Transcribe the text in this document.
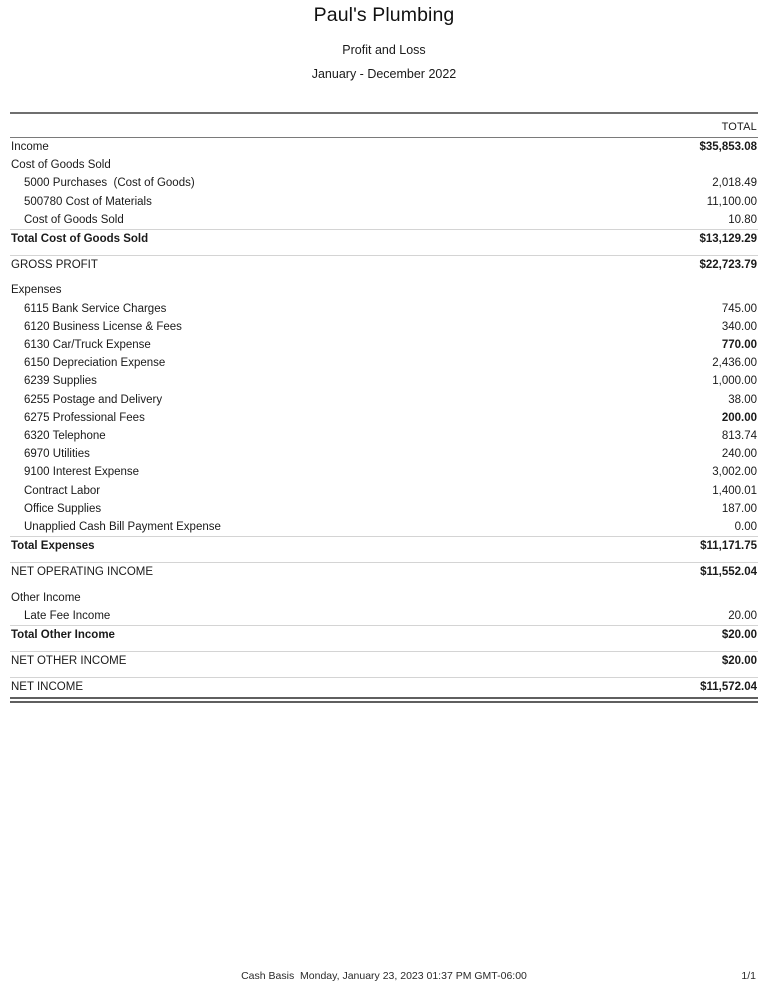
Paul's Plumbing
Profit and Loss
January - December 2022

	TOTAL
Income	$35,853.08
Cost of Goods Sold	
5000 Purchases  (Cost of Goods)	2,018.49
500780 Cost of Materials	11,100.00
Cost of Goods Sold	10.80
Total Cost of Goods Sold	$13,129.29

GROSS PROFIT	$22,723.79

Expenses	
6115 Bank Service Charges	745.00
6120 Business License & Fees	340.00
6130 Car/Truck Expense	770.00
6150 Depreciation Expense	2,436.00
6239 Supplies	1,000.00
6255 Postage and Delivery	38.00
6275 Professional Fees	200.00
6320 Telephone	813.74
6970 Utilities	240.00
9100 Interest Expense	3,002.00
Contract Labor	1,400.01
Office Supplies	187.00
Unapplied Cash Bill Payment Expense	0.00
Total Expenses	$11,171.75

NET OPERATING INCOME	$11,552.04

Other Income	
Late Fee Income	20.00
Total Other Income	$20.00

NET OTHER INCOME	$20.00

NET INCOME	$11,572.04
Cash Basis  Monday, January 23, 2023 01:37 PM GMT-06:00	1/1
